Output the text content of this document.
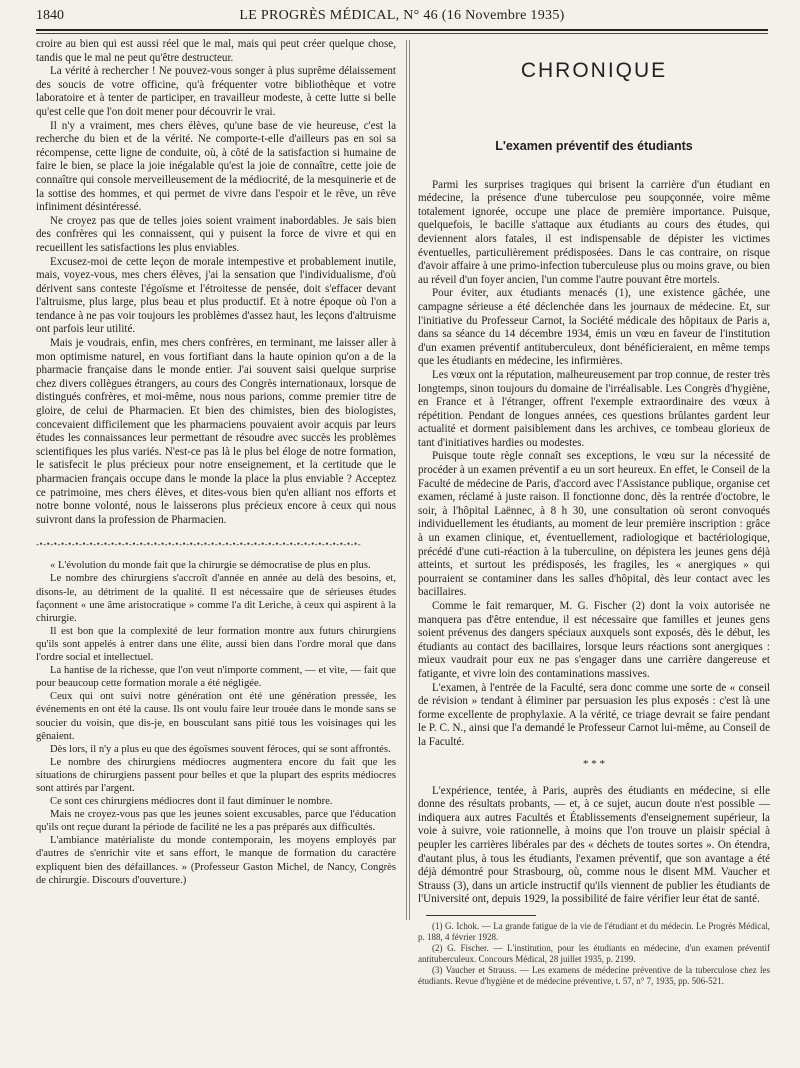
1840	LE PROGRÈS MÉDICAL, N° 46 (16 Novembre 1935)

croire au bien qui est aussi réel que le mal, mais qui peut créer quelque chose, tandis que le mal ne peut qu'être destructeur.

La vérité à rechercher ! Ne pouvez-vous songer à plus suprême délaissement des soucis de votre officine, qu'à fréquenter votre bibliothèque et votre laboratoire et à tenter de participer, en travailleur modeste, à cette lutte si belle qu'est celle que l'on doit mener pour découvrir le vrai.

Il n'y a vraiment, mes chers élèves, qu'une base de vie heureuse, c'est la recherche du bien et de la vérité. Ne comporte-t-elle d'ailleurs pas en soi sa récompense, cette ligne de conduite, où, à côté de la satisfaction si humaine de faire le bien, se place la joie inégalable qu'est la joie de connaître, cette joie de connaître qui console merveilleusement de la médiocrité, de la mesquinerie et de la sottise des hommes, et qui permet de vivre dans l'espoir et le rêve, un rêve infiniment désintéressé.

Ne croyez pas que de telles joies soient vraiment inabordables. Je sais bien des confrères qui les connaissent, qui y puisent la force de vivre et qui en recueillent les satisfactions les plus enviables.

Excusez-moi de cette leçon de morale intempestive et probablement inutile, mais, voyez-vous, mes chers élèves, j'ai la sensation que l'individualisme, d'où dérivent sans conteste l'égoïsme et l'étroitesse de pensée, doit s'effacer devant l'altruisme, plus large, plus beau et plus productif. Et à notre époque où l'on a tendance à ne pas voir toujours les problèmes d'assez haut, les leçons d'altruisme ont parfois leur utilité.

Mais je voudrais, enfin, mes chers confrères, en terminant, me laisser aller à mon optimisme naturel, en vous fortifiant dans la haute opinion qu'on a de la pharmacie française dans le monde entier. J'ai souvent saisi quelque surprise chez divers collègues étrangers, au cours des Congrès internationaux, lorsque de distingués confrères, et moi-même, nous nous parions, comme premier titre de gloire, de celui de Pharmacien. Et bien des chimistes, bien des biologistes, concevaient difficilement que les pharmaciens pouvaient avoir acquis par leurs études les connaissances leur permettant de résoudre avec succès les problèmes scientifiques les plus variés. N'est-ce pas là le plus bel éloge de notre formation, le satisfecit le plus précieux pour notre enseignement, et la certitude que le pharmacien français occupe dans le monde la place la plus enviable ? Acceptez ce patrimoine, mes chers élèves, et dites-vous bien qu'en alliant nos efforts et notre bonne volonté, nous le laisserons plus précieux encore à ceux qui nous suivront dans la profession de Pharmacien.

-•-•-•-•-•-•-•-•-•-•-•-•-•-•-•-•-•-•-•-•-•-•-•-•-•-•-•-•-•-•-•-•-•-•-•-•-•-•-•-•-•-•-•-•-•-

« L'évolution du monde fait que la chirurgie se démocratise de plus en plus.

Le nombre des chirurgiens s'accroît d'année en année au delà des besoins, et, disons-le, au détriment de la qualité. Il est nécessaire que de sérieuses études façonnent « une âme aristocratique » comme l'a dit Leriche, à ceux qui aspirent à la chirurgie.

Il est bon que la complexité de leur formation montre aux futurs chirurgiens qu'ils sont appelés à entrer dans une élite, aussi bien dans l'ordre moral que dans l'ordre social et intellectuel.

La hantise de la richesse, que l'on veut n'importe comment, — et vite, — fait que pour beaucoup cette formation morale a été négligée.

Ceux qui ont suivi notre génération ont été une génération pressée, les événements en ont été la cause. Ils ont voulu faire leur trouée dans le monde sans se soucier du voisin, que dis-je, en bousculant sans pitié tous les voisinages qui les gênaient.

Dès lors, il n'y a plus eu que des égoïsmes souvent féroces, qui se sont affrontés.

Le nombre des chirurgiens médiocres augmentera encore du fait que les situations de chirurgiens passent pour belles et que la plupart des esprits médiocres sont attirés par l'argent.

Ce sont ces chirurgiens médiocres dont il faut diminuer le nombre.

Mais ne croyez-vous pas que les jeunes soient excusables, parce que l'éducation qu'ils ont reçue durant la période de facilité ne les a pas préparés aux difficultés.

L'ambiance matérialiste du monde contemporain, les moyens employés par d'autres de s'enrichir vite et sans effort, le manque de formation du caractère expliquent bien des défaillances. » (Professeur Gaston Michel, de Nancy, Congrès de chirurgie. Discours d'ouverture.)

CHRONIQUE
L'examen préventif des étudiants

Parmi les surprises tragiques qui brisent la carrière d'un étudiant en médecine, la présence d'une tuberculose peu soupçonnée, voire même totalement ignorée, occupe une place de première importance. Puisque, quelquefois, le bacille s'attaque aux étudiants au cours des études, qui deviennent alors fatales, il est indispensable de dépister les victimes éventuelles, particulièrement prédisposées. Dans le cas contraire, on risque d'avoir affaire à une primo-infection tuberculeuse plus ou moins grave, ou bien au réveil d'un foyer ancien, l'un comme l'autre pouvant être mortels.

Pour éviter, aux étudiants menacés (1), une existence gâchée, une campagne sérieuse a été déclenchée dans les journaux de médecine. Et, sur l'initiative du Professeur Carnot, la Société médicale des hôpitaux de Paris a, dans sa séance du 14 décembre 1934, émis un vœu en faveur de l'institution d'un examen préventif antituberculeux, dont bénéficieraient, en même temps que les étudiants en médecine, les infirmières.

Les vœux ont la réputation, malheureusement par trop connue, de rester très longtemps, sinon toujours du domaine de l'irréalisable. Les Congrès d'hygiène, en France et à l'étranger, offrent l'exemple extraordinaire des vœux à répétition. Pendant de longues années, ces questions brûlantes gardent leur actualité et dorment paisiblement dans les archives, ce tombeau glorieux de tant d'initiatives hardies ou modestes.

Puisque toute règle connaît ses exceptions, le vœu sur la nécessité de procéder à un examen préventif a eu un sort heureux. En effet, le Conseil de la Faculté de médecine de Paris, d'accord avec l'Assistance publique, organise cet examen, réclamé à juste raison. Il fonctionne donc, dès la rentrée d'octobre, le soir, à l'hôpital Laënnec, à 8 h 30, une consultation où seront convoqués individuellement les étudiants, au moment de leur première inscription : grâce à un examen clinique, et, éventuellement, radiologique et bactériologique, précédé d'une cuti-réaction à la tuberculine, on dépistera les jeunes gens déjà atteints, et surtout les prédisposés, les fragiles, les « anergiques » qui pourraient se contaminer dans les salles d'hôpital, dès leur contact avec les bacillaires.

Comme le fait remarquer, M. G. Fischer (2) dont la voix autorisée ne manquera pas d'être entendue, il est nécessaire que familles et jeunes gens soient prévenus des dangers spéciaux auxquels sont exposés, dès le début, les étudiants au contact des bacillaires, lorsque leurs réactions sont anergiques : mieux vaudrait pour eux ne pas s'engager dans une carrière dangereuse et fatigante, et vivre loin des contaminations massives.

L'examen, à l'entrée de la Faculté, sera donc comme une sorte de « conseil de révision » tendant à éliminer par persuasion les plus exposés : c'est là une forme excellente de prophylaxie. A la vérité, ce triage devrait se faire pendant le P. C. N., ainsi que l'a demandé le Professeur Carnot lui-même, au Conseil de la Faculté.

* * *

L'expérience, tentée, à Paris, auprès des étudiants en médecine, si elle donne des résultats probants, — et, à ce sujet, aucun doute n'est possible — indiquera aux autres Facultés et Établissements d'enseignement supérieur, la voie à suivre, voie rationnelle, à moins que l'on trouve un plaisir spécial à peupler les carrières libérales par des « déchets de toutes sortes ». On étendra, d'autant plus, à tous les étudiants, l'examen préventif, que son avantage a été déjà démontré pour Strasbourg, où, comme nous le disent MM. Vaucher et Strauss (3), dans un article instructif qu'ils viennent de publier les étudiants de l'Université ont, depuis 1929, la possibilité de faire vérifier leur état de santé.

(1) G. Ichok. — La grande fatigue de la vie de l'étudiant et du médecin. Le Progrès Médical, p. 188, 4 février 1928.

(2) G. Fischer. — L'institution, pour les étudiants en médecine, d'un examen préventif antituberculeux. Concours Médical, 28 juillet 1935, p. 2199.

(3) Vaucher et Strauss. — Les examens de médecine préventive de la tuberculose chez les étudiants. Revue d'hygiène et de médecine préventive, t. 57, n° 7, 1935, pp. 506-521.
